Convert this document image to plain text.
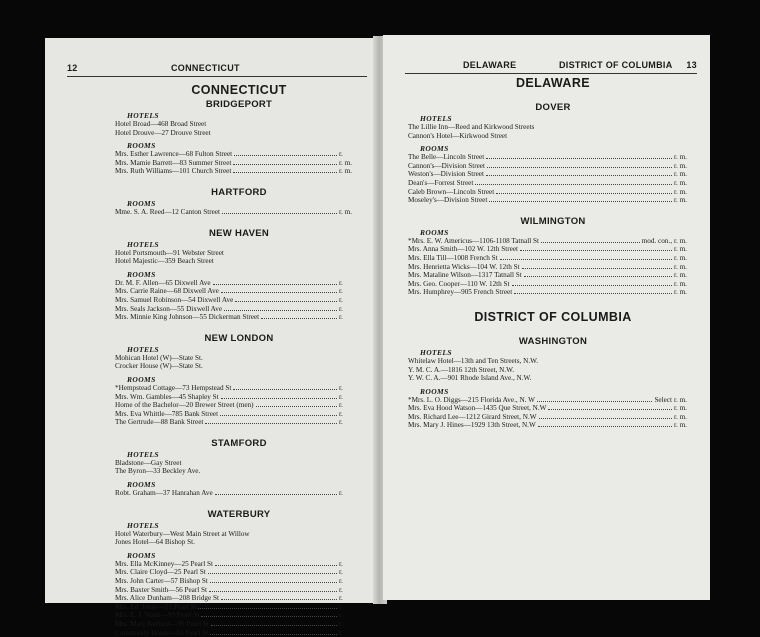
12	CONNECTICUT
CONNECTICUT
BRIDGEPORT
HOTELS
Hotel Broad—468 Broad Street
Hotel Drouve—27 Drouve Street
ROOMS
Mrs. Esther Lawrence—68 Fulton Street	r.
Mrs. Mamie Barrett—83 Summer Street	r. m.
Mrs. Ruth Williams—101 Church Street	r. m.
HARTFORD
ROOMS
Mme. S. A. Reed—12 Canton Street	r. m.
NEW HAVEN
HOTELS
Hotel Portsmouth—91 Webster Street
Hotel Majestic—359 Beach Street
ROOMS
Dr. M. F. Allen—65 Dixwell Ave	r.
Mrs. Carrie Raine—68 Dixwell Ave	r.
Mrs. Samuel Robinson—54 Dixwell Ave	r.
Mrs. Seals Jackson—55 Dixwell Ave	r.
Mrs. Minnie King Johnson—55 Dickerman Street	r.
NEW LONDON
HOTELS
Mohican Hotel (W)—State St.
Crocker House (W)—State St.
ROOMS
*Hempstead Cottage—73 Hempstead St	r.
Mrs. Wm. Gambles—45 Shapley St	r.
Home of the Bachelor—20 Brewer Street (men)	r.
Mrs. Eva Whittle—785 Bank Street	r.
The Gertrude—88 Bank Street	r.
STAMFORD
HOTELS
Bladstone—Gay Street
The Byron—33 Beckley Ave.
ROOMS
Robt. Graham—37 Hanrahan Ave	r.
WATERBURY
HOTELS
Hotel Waterbury—West Main Street at Willow
Jones Hotel—64 Bishop St.
ROOMS
Mrs. Ella McKinney—25 Pearl St	r.
Mrs. Claire Cloyd—25 Pearl St	r.
Mrs. John Carter—57 Bishop St	r.
Mrs. Baxter Smith—56 Pearl St	r.
Mrs. Alice Dunham—208 Bridge St	r.
Mrs. Ed. Jones—51 Pearl St	r.
Mrs. E. J. Watts—99 Pearl St	r.
Mrs. Mary Kefford—99 Pearl St	r.
Community House—81 Pearl St	r.
DELAWARE	DISTRICT OF COLUMBIA 13
DELAWARE
DOVER
HOTELS
The Lillie Inn—Reed and Kirkwood Streets
Cannon's Hotel—Kirkwood Street
ROOMS
The Belle—Lincoln Street	r. m.
Cannon's—Division Street	r. m.
Weston's—Division Street	r. m.
Dean's—Forrest Street	r. m.
Caleb Brown—Lincoln Street	r. m.
Moseley's—Division Street	r. m.
WILMINGTON
ROOMS
*Mrs. E. W. Americus—1106-1108 Tatnall St	mod. con., r. m.
Mrs. Anna Smith—102 W. 12th Street	r. m.
Mrs. Ella Till—1008 French St	r. m.
Mrs. Henrietta Wicks—104 W. 12th St	r. m.
Mrs. Mataline Wilson—1317 Tatnall St	r. m.
Mrs. Geo. Cooper—110 W. 12th St	r. m.
Mrs. Humphrey—905 French Street	r. m.
DISTRICT OF COLUMBIA
WASHINGTON
HOTELS
Whitelaw Hotel—13th and Ten Streets, N.W.
Y. M. C. A.—1816 12th Street, N.W.
Y. W. C. A.—901 Rhode Island Ave., N.W.
ROOMS
*Mrs. L. O. Diggs—215 Florida Ave., N. W	Select r. m.
Mrs. Eva Hood Watson—1435 Que Street, N.W	r. m.
Mrs. Richard Lee—1212 Girard Street, N.W	r. m.
Mrs. Mary J. Hines—1929 13th Street, N.W	r. m.
